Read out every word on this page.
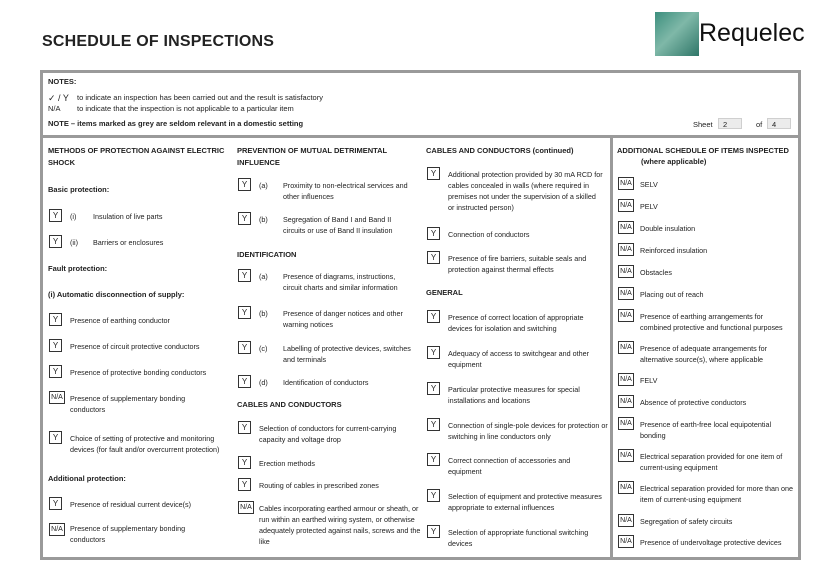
SCHEDULE OF INSPECTIONS	Requelec
NOTES:
✓ / Y to indicate an inspection has been carried out and the result is satisfactory
N/A to indicate that the inspection is not applicable to a particular item
NOTE – items marked as grey are seldom relevant in a domestic setting	Sheet	2	of	4
METHODS OF PROTECTION AGAINST ELECTRIC SHOCK
Basic protection:
Y	(i) Insulation of live parts
Y	(ii) Barriers or enclosures
Fault protection:
(i) Automatic disconnection of supply:
Y	Presence of earthing conductor
Y	Presence of circuit protective conductors
Y	Presence of protective bonding conductors
N/A Presence of supplementary bonding conductors
Y	Choice of setting of protective and monitoring devices (for fault and/or overcurrent protection)
Additional protection:
Y	Presence of residual current device(s)
N/A Presence of supplementary bonding conductors
PREVENTION OF MUTUAL DETRIMENTAL INFLUENCE
Y	(a) Proximity to non-electrical services and other influences
Y	(b) Segregation of Band I and Band II circuits or use of Band II insulation
IDENTIFICATION
Y	(a) Presence of diagrams, instructions, circuit charts and similar information
Y	(b) Presence of danger notices and other warning notices
Y	(c) Labelling of protective devices, switches and terminals
Y	(d) Identification of conductors
CABLES AND CONDUCTORS
Y	Selection of conductors for current-carrying capacity and voltage drop
Y	Erection methods
Y	Routing of cables in prescribed zones
N/A Cables incorporating earthed armour or sheath, or run within an earthed wiring system, or otherwise adequately protected against nails, screws and the like
CABLES AND CONDUCTORS (continued)
Y	Additional protection provided by 30 mA RCD for cables concealed in walls (where required in premises not under the supervision of a skilled or instructed person)
Y	Connection of conductors
Y	Presence of fire barriers, suitable seals and protection against thermal effects
GENERAL
Y	Presence of correct location of appropriate devices for isolation and switching
Y	Adequacy of access to switchgear and other equipment
Y	Particular protective measures for special installations and locations
Y	Connection of single-pole devices for protection or switching in line conductors only
Y	Correct connection of accessories and equipment
Y	Selection of equipment and protective measures appropriate to external influences
Y	Selection of appropriate functional switching devices
ADDITIONAL SCHEDULE OF ITEMS INSPECTED
(where applicable)
N/A	SELV
N/A	PELV
N/A	Double insulation
N/A	Reinforced insulation
N/A	Obstacles
N/A	Placing out of reach
N/A	Presence of earthing arrangements for combined protective and functional purposes
N/A	Presence of adequate arrangements for alternative source(s), where applicable
N/A	FELV
N/A	Absence of protective conductors
N/A	Presence of earth-free local equipotential bonding
N/A	Electrical separation provided for one item of current-using equipment
N/A	Electrical separation provided for more than one item of current-using equipment
N/A	Segregation of safety circuits
N/A	Presence of undervoltage protective devices
